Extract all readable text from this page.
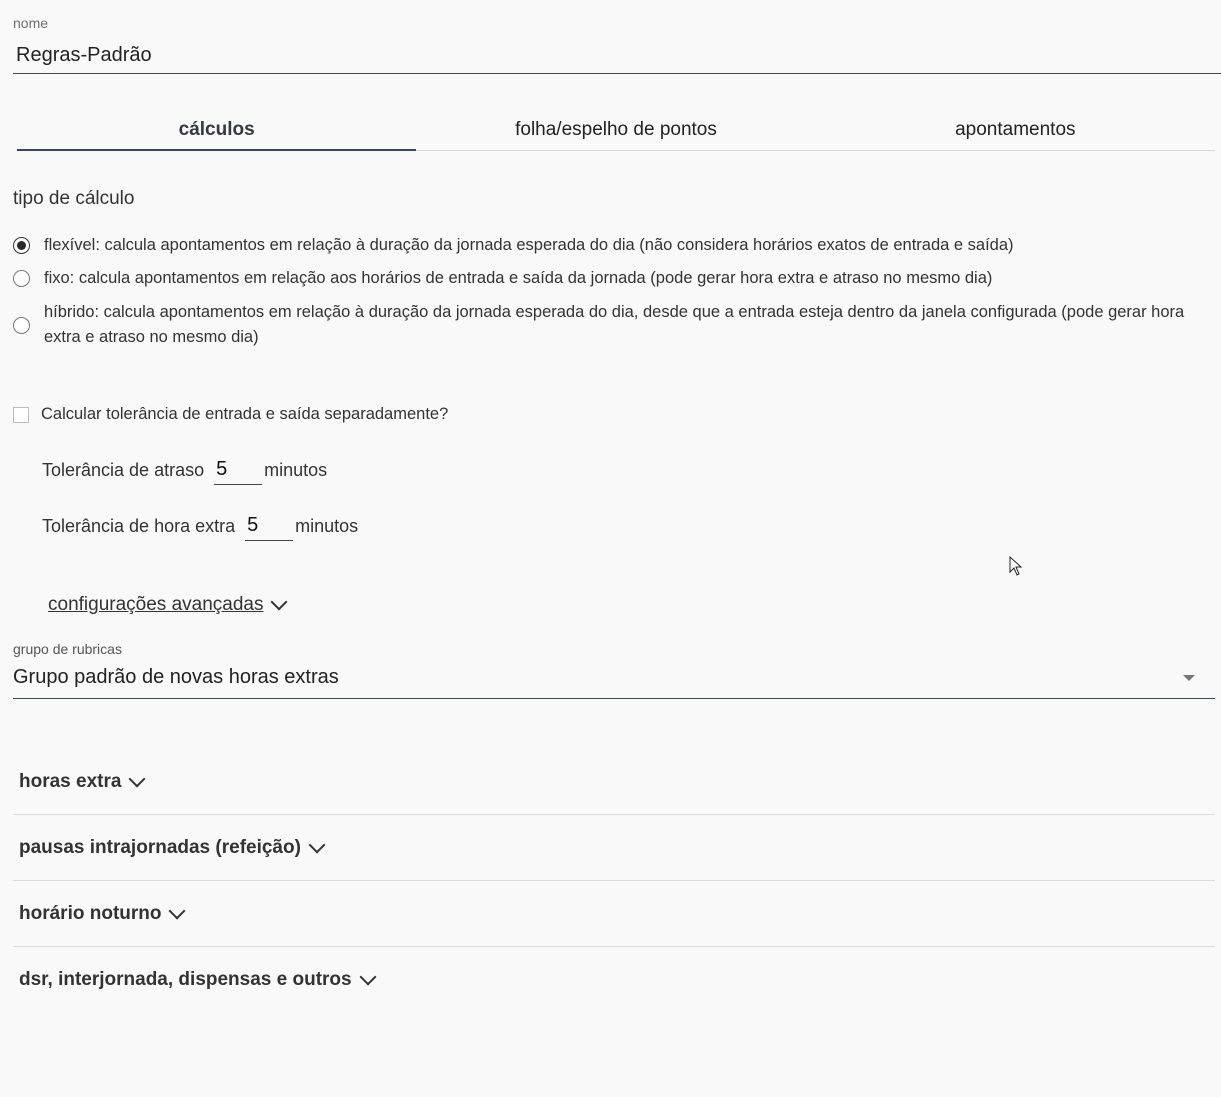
nome
Regras-Padrão
cálculos	folha/espelho de pontos	apontamentos
tipo de cálculo
flexível: calcula apontamentos em relação à duração da jornada esperada do dia (não considera horários exatos de entrada e saída)
fixo: calcula apontamentos em relação aos horários de entrada e saída da jornada (pode gerar hora extra e atraso no mesmo dia)
híbrido: calcula apontamentos em relação à duração da jornada esperada do dia, desde que a entrada esteja dentro da janela configurada (pode gerar hora extra e atraso no mesmo dia)
Calcular tolerância de entrada e saída separadamente?
Tolerância de atraso
5	minutos
Tolerância de hora extra
5	minutos
configurações avançadas
grupo de rubricas
Grupo padrão de novas horas extras
horas extra
pausas intrajornadas (refeição)
horário noturno
dsr, interjornada, dispensas e outros
